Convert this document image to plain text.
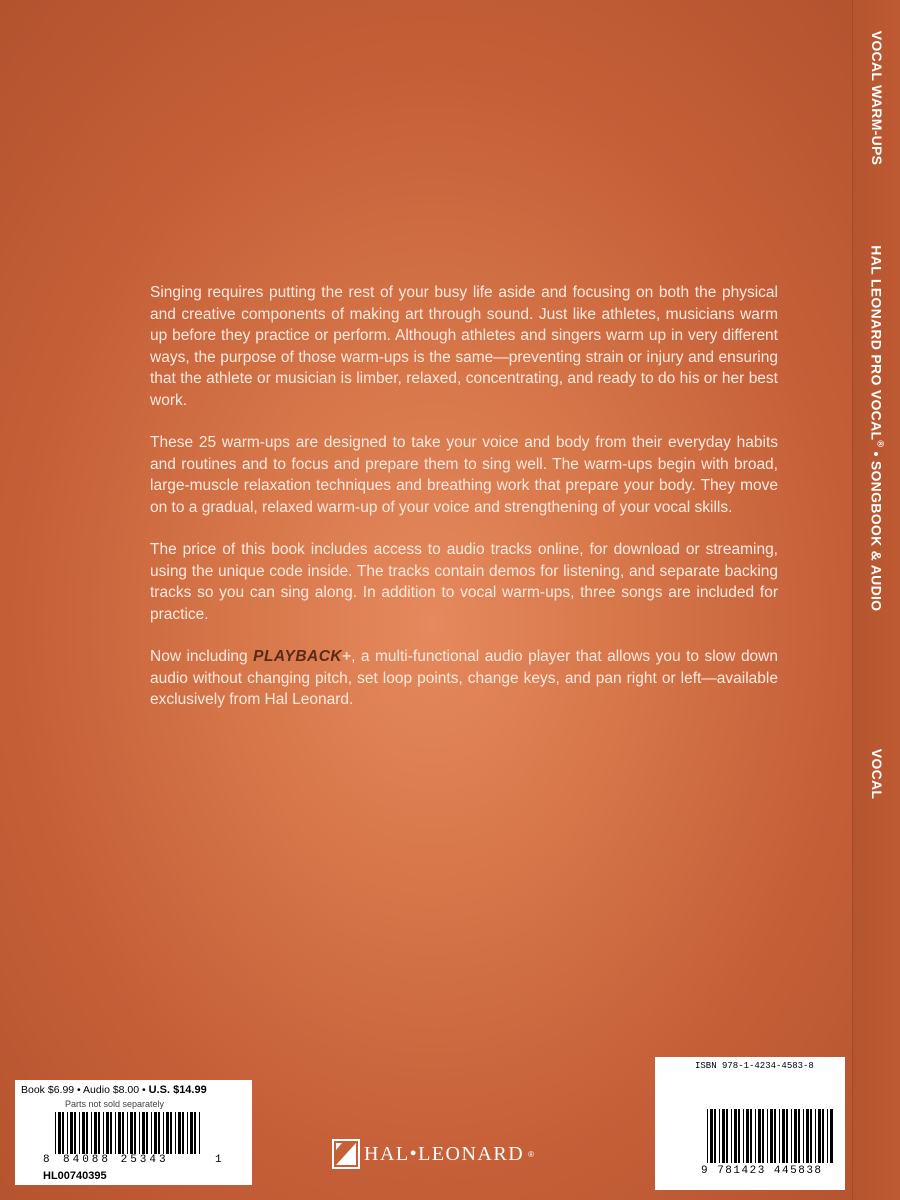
VOCAL WARM-UPS
HAL LEONARD PRO VOCAL® • SONGBOOK & AUDIO
VOCAL

Singing requires putting the rest of your busy life aside and focusing on both the physical and creative components of making art through sound. Just like athletes, musicians warm up before they practice or perform. Although athletes and singers warm up in very different ways, the purpose of those warm-ups is the same—preventing strain or injury and ensuring that the athlete or musician is limber, relaxed, concentrating, and ready to do his or her best work.

These 25 warm-ups are designed to take your voice and body from their everyday habits and routines and to focus and prepare them to sing well. The warm-ups begin with broad, large-muscle relaxation techniques and breathing work that prepare your body. They move on to a gradual, relaxed warm-up of your voice and strengthening of your vocal skills.

The price of this book includes access to audio tracks online, for download or streaming, using the unique code inside. The tracks contain demos for listening, and separate backing tracks so you can sing along. In addition to vocal warm-ups, three songs are included for practice.

Now including PLAYBACK+, a multi-functional audio player that allows you to slow down audio without changing pitch, set loop points, change keys, and pan right or left—available exclusively from Hal Leonard.

Book $6.99 • Audio $8.00 • U.S. $14.99
Parts not sold separately
8 84088 25343	1
HL00740395
HAL•LEONARD ®
ISBN 978-1-4234-4583-8
9 781423 445838
